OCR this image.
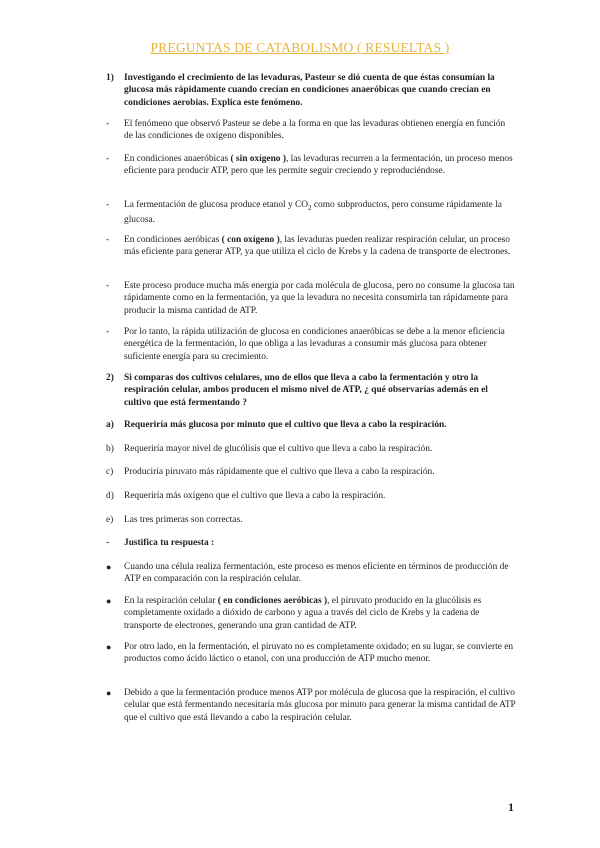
PREGUNTAS DE CATABOLISMO ( RESUELTAS )
1) Investigando el crecimiento de las levaduras, Pasteur se dió cuenta de que éstas consumían la glucosa más rápidamente cuando crecían en condiciones anaeróbicas que cuando crecían en condiciones aerobias. Explica este fenómeno.
- El fenómeno que observó Pasteur se debe a la forma en que las levaduras obtienen energía en función de las condiciones de oxígeno disponibles.
- En condiciones anaeróbicas ( sin oxígeno ), las levaduras recurren a la fermentación, un proceso menos eficiente para producir ATP, pero que les permite seguir creciendo y reproduciéndose.
- La fermentación de glucosa produce etanol y $CO_2$ como subproductos, pero consume rápidamente la glucosa.
- En condiciones aeróbicas ( con oxígeno ), las levaduras pueden realizar respiración celular, un proceso más eficiente para generar ATP, ya que utiliza el ciclo de Krebs y la cadena de transporte de electrones.
- Este proceso produce mucha más energía por cada molécula de glucosa, pero no consume la glucosa tan rápidamente como en la fermentación, ya que la levadura no necesita consumirla tan rápidamente para producir la misma cantidad de ATP.
- Por lo tanto, la rápida utilización de glucosa en condiciones anaeróbicas se debe a la menor eficiencia energética de la fermentación, lo que obliga a las levaduras a consumir más glucosa para obtener suficiente energía para su crecimiento.
2) Si comparas dos cultivos celulares, uno de ellos que lleva a cabo la fermentación y otro la respiración celular, ambos producen el mismo nivel de ATP, ¿ qué observarías además en el cultivo que está fermentando ?
a) Requeriría más glucosa por minuto que el cultivo que lleva a cabo la respiración.
b) Requeriría mayor nivel de glucólisis que el cultivo que lleva a cabo la respiración.
c) Produciría piruvato más rápidamente que el cultivo que lleva a cabo la respiración.
d) Requeriría más oxígeno que el cultivo que lleva a cabo la respiración.
e) Las tres primeras son correctas.
- Justifica tu respuesta :
● Cuando una célula realiza fermentación, este proceso es menos eficiente en términos de producción de ATP en comparación con la respiración celular.
● En la respiración celular ( en condiciones aeróbicas ), el piruvato producido en la glucólisis es completamente oxidado a dióxido de carbono y agua a través del ciclo de Krebs y la cadena de transporte de electrones, generando una gran cantidad de ATP.
● Por otro lado, en la fermentación, el piruvato no es completamente oxidado; en su lugar, se convierte en productos como ácido láctico o etanol, con una producción de ATP mucho menor.
● Debido a que la fermentación produce menos ATP por molécula de glucosa que la respiración, el cultivo celular que está fermentando necesitaría más glucosa por minuto para generar la misma cantidad de ATP que el cultivo que está llevando a cabo la respiración celular.
1
